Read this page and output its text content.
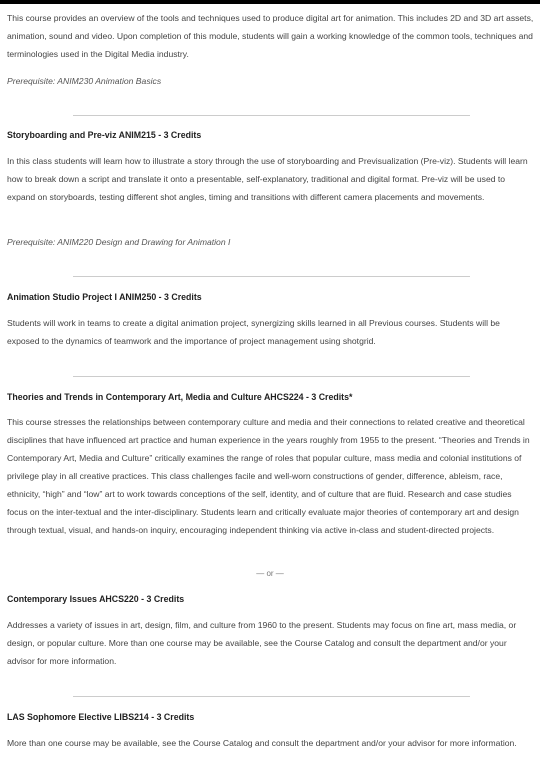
This course provides an overview of the tools and techniques used to produce digital art for animation. This includes 2D and 3D art assets, animation, sound and video. Upon completion of this module, students will gain a working knowledge of the common tools, techniques and terminologies used in the Digital Media industry.

Prerequisite: ANIM230 Animation Basics

Storyboarding and Pre-viz ANIM215 - 3 Credits

In this class students will learn how to illustrate a story through the use of storyboarding and Previsualization (Pre-viz). Students will learn how to break down a script and translate it onto a presentable, self-explanatory, traditional and digital format. Pre-viz will be used to expand on storyboards, testing different shot angles, timing and transitions with different camera placements and movements.

Prerequisite: ANIM220 Design and Drawing for Animation I

Animation Studio Project I ANIM250 - 3 Credits

Students will work in teams to create a digital animation project, synergizing skills learned in all Previous courses. Students will be exposed to the dynamics of teamwork and the importance of project management using shotgrid.

Theories and Trends in Contemporary Art, Media and Culture AHCS224 - 3 Credits*

This course stresses the relationships between contemporary culture and media and their connections to related creative and theoretical disciplines that have influenced art practice and human experience in the years roughly from 1955 to the present. “Theories and Trends in Contemporary Art, Media and Culture” critically examines the range of roles that popular culture, mass media and colonial institutions of privilege play in all creative practices. This class challenges facile and well-worn constructions of gender, difference, ableism, race, ethnicity, “high” and “low” art to work towards conceptions of the self, identity, and of culture that are fluid. Research and case studies focus on the inter-textual and the inter-disciplinary. Students learn and critically evaluate major theories of contemporary art and design through textual, visual, and hands-on inquiry, encouraging independent thinking via active in-class and student-directed projects.

— or —
Contemporary Issues AHCS220 - 3 Credits

Addresses a variety of issues in art, design, film, and culture from 1960 to the present. Students may focus on fine art, mass media, or design, or popular culture. More than one course may be available, see the Course Catalog and consult the department and/or your advisor for more information.

LAS Sophomore Elective LIBS214 - 3 Credits

More than one course may be available, see the Course Catalog and consult the department and/or your advisor for more information.
